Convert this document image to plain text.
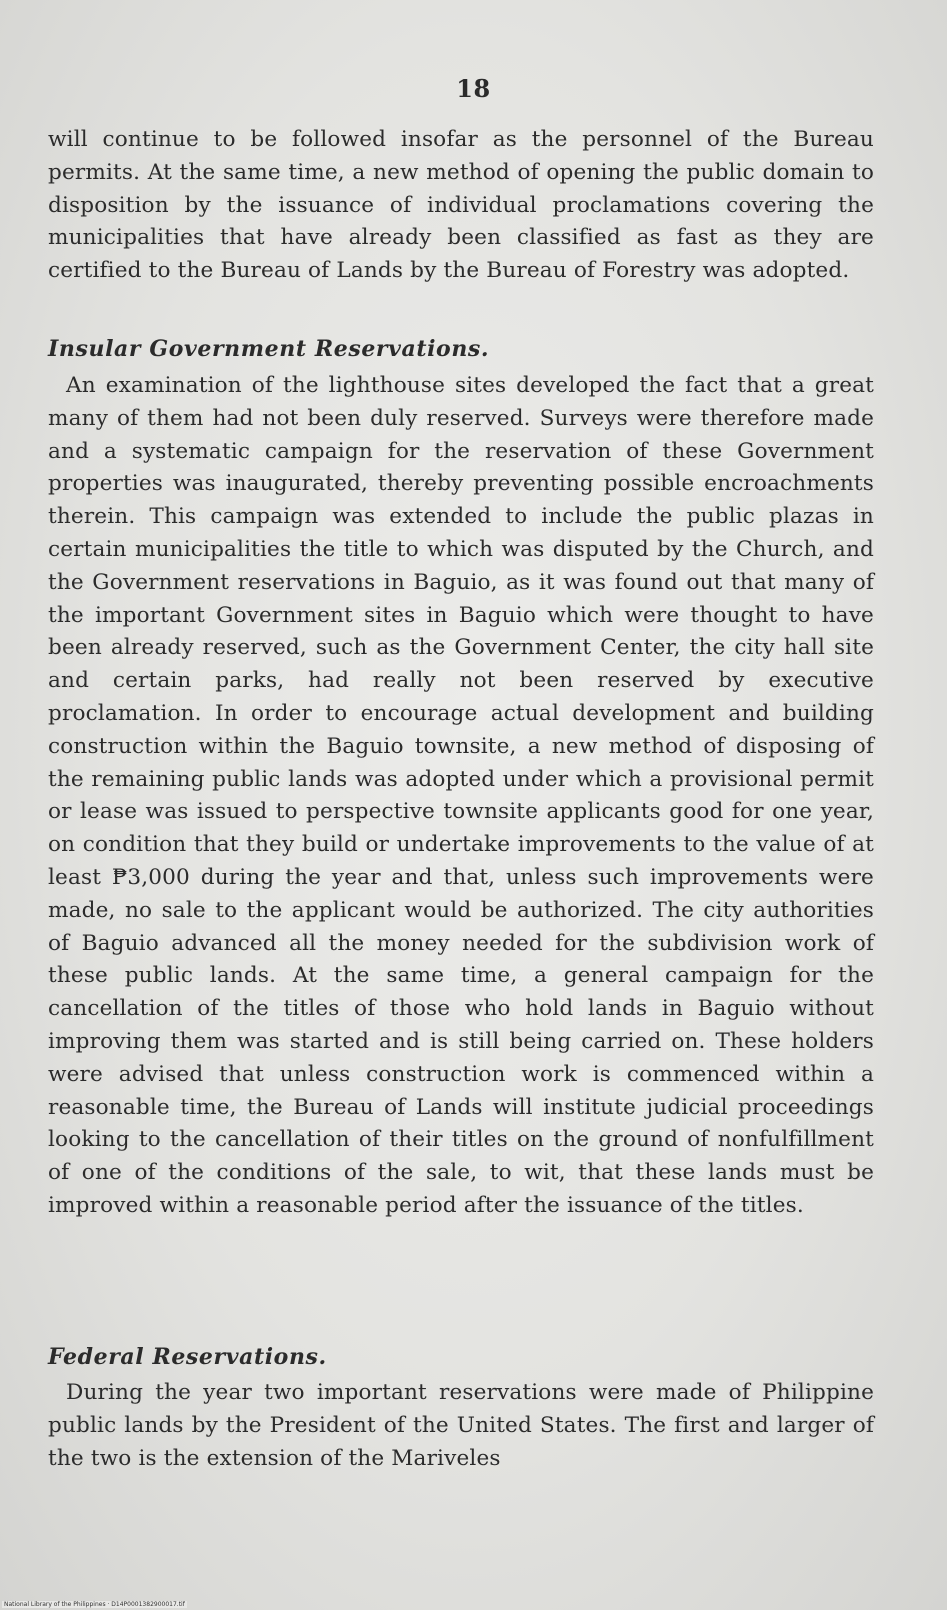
18

will continue to be followed insofar as the personnel of the Bureau permits. At the same time, a new method of opening the public domain to disposition by the issuance of individual proclamations covering the municipalities that have already been classified as fast as they are certified to the Bureau of Lands by the Bureau of Forestry was adopted.

Insular Government Reservations.

An examination of the lighthouse sites developed the fact that a great many of them had not been duly reserved. Surveys were therefore made and a systematic campaign for the reservation of these Government properties was inaugurated, thereby preventing possible encroachments therein. This campaign was extended to include the public plazas in certain municipalities the title to which was disputed by the Church, and the Government reservations in Baguio, as it was found out that many of the important Government sites in Baguio which were thought to have been already reserved, such as the Government Center, the city hall site and certain parks, had really not been reserved by executive proclamation. In order to encourage actual development and building construction within the Baguio townsite, a new method of disposing of the remaining public lands was adopted under which a provisional permit or lease was issued to perspective townsite applicants good for one year, on condition that they build or undertake improvements to the value of at least ₱3,000 during the year and that, unless such improvements were made, no sale to the applicant would be authorized. The city authorities of Baguio advanced all the money needed for the subdivision work of these public lands. At the same time, a general campaign for the cancellation of the titles of those who hold lands in Baguio without improving them was started and is still being carried on. These holders were advised that unless construction work is commenced within a reasonable time, the Bureau of Lands will institute judicial proceedings looking to the cancellation of their titles on the ground of nonfulfillment of one of the conditions of the sale, to wit, that these lands must be improved within a reasonable period after the issuance of the titles.

Federal Reservations.

During the year two important reservations were made of Philippine public lands by the President of the United States. The first and larger of the two is the extension of the Mariveles

National Library of the Philippines · D14P0001382900017.tif
